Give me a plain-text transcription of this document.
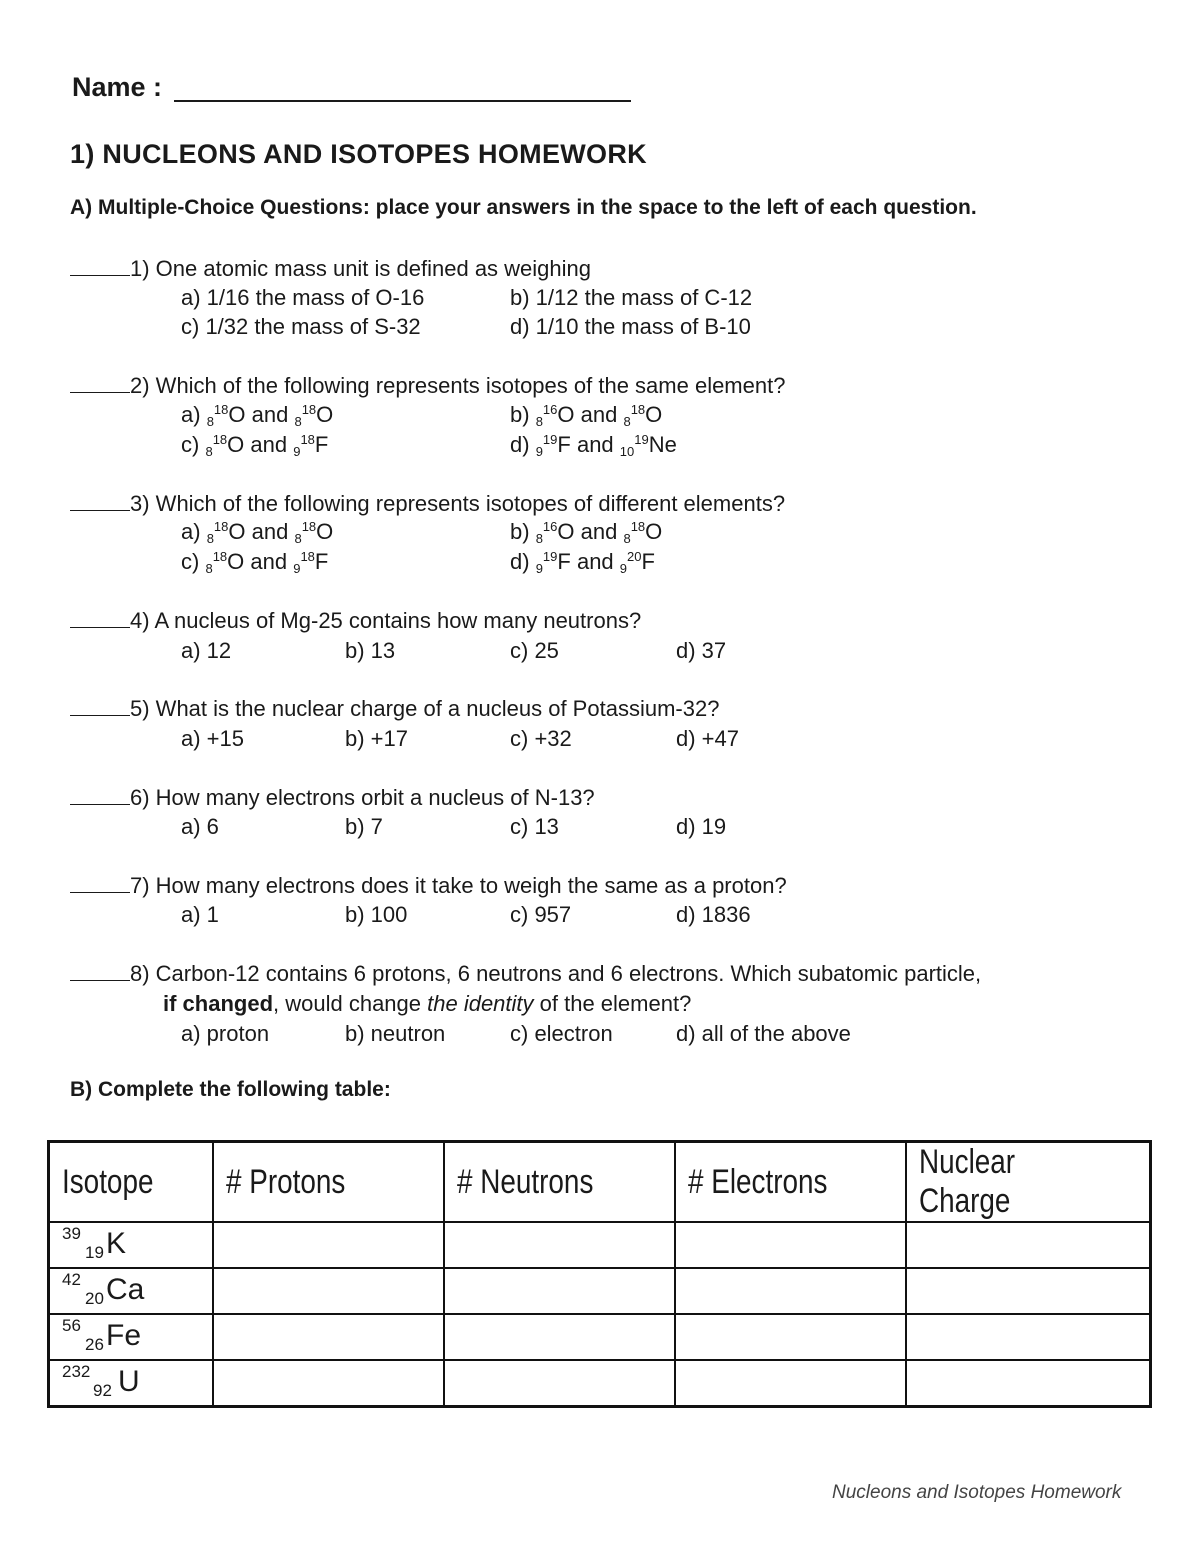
Name :
1) NUCLEONS AND ISOTOPES HOMEWORK
A) Multiple-Choice Questions: place your answers in the space to the left of each question.
1) One atomic mass unit is defined as weighing
a) 1/16 the mass of O-16	b) 1/12 the mass of C-12
c) 1/32 the mass of S-32	d) 1/10 the mass of B-10
2) Which of the following represents isotopes of the same element?
a) $_8^{18}$O and $_8^{18}$O	b) $_8^{16}$O and $_8^{18}$O
c) $_8^{18}$O and $_9^{18}$F	d) $_9^{19}$F and $_{10}^{19}$Ne
3) Which of the following represents isotopes of different elements?
a) $_8^{18}$O and $_8^{18}$O	b) $_8^{16}$O and $_8^{18}$O
c) $_8^{18}$O and $_9^{18}$F	d) $_9^{19}$F and $_9^{20}$F
4) A nucleus of Mg-25 contains how many neutrons?
a) 12	b) 13	c) 25	d) 37
5) What is the nuclear charge of a nucleus of Potassium-32?
a) +15	b) +17	c) +32	d) +47
6) How many electrons orbit a nucleus of N-13?
a) 6	b) 7	c) 13	d) 19
7) How many electrons does it take to weigh the same as a proton?
a) 1	b) 100	c) 957	d) 1836
8) Carbon-12 contains 6 protons, 6 neutrons and 6 electrons. Which subatomic particle,
if changed, would change the identity of the element?
a) proton	b) neutron	c) electron	d) all of the above
B) Complete the following table:
Isotope	# Protons	# Neutrons	# Electrons	Nuclear Charge

39
19 K				

42
20 Ca				

56
26 Fe				

232
92 U				

Nucleons and Isotopes Homework
